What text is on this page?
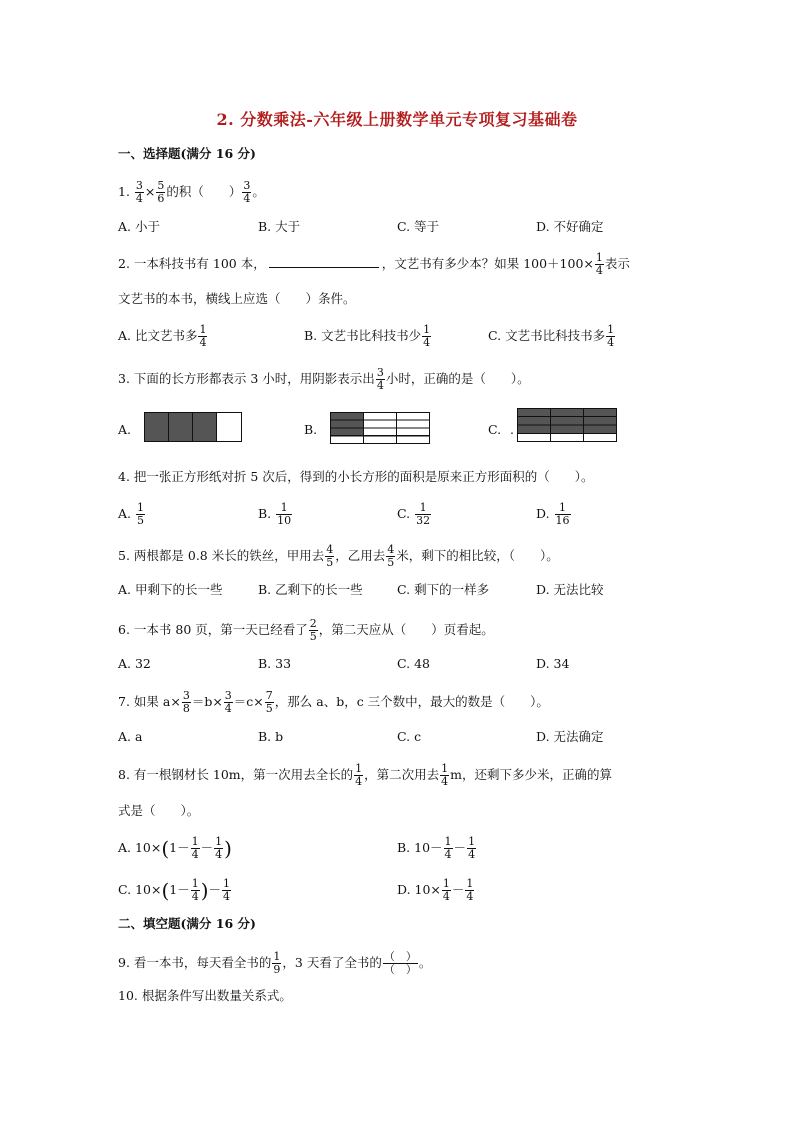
2. 分数乘法-六年级上册数学单元专项复习基础卷
一、选择题(满分 16 分)
1. $\frac{3}{4} \times \frac{5}{6}$ 的积（　　） $\frac{3}{4}$ 。
A. 小于	B. 大于	C. 等于	D. 不好确定
2. 一本科技书有 100 本，	，文艺书有多少本？如果 $100+100\times \frac{1}{4}$ 表示
文艺书的本书，横线上应选（　　）条件。
A. 比文艺书多 $\frac{1}{4}$	B. 文艺书比科技书少 $\frac{1}{4}$	C. 文艺书比科技书多 $\frac{1}{4}$
3. 下面的长方形都表示 3 小时，用阴影表示出 $\frac{3}{4}$ 小时，正确的是（　　）。
A.	B.	C. .
4. 把一张正方形纸对折 5 次后，得到的小长方形的面积是原来正方形面积的（　　）。
A. $\frac{1}{5}$	B. $\frac{1}{10}$	C. $\frac{1}{32}$	D. $\frac{1}{16}$
5. 两根都是 0.8 米长的铁丝，甲用去 $\frac{4}{5}$ ，乙用去 $\frac{4}{5}$ 米，剩下的相比较，（　　）。
A. 甲剩下的长一些	B. 乙剩下的长一些	C. 剩下的一样多	D. 无法比较
6. 一本书 80 页，第一天已经看了 $\frac{2}{5}$ ，第二天应从（　　）页看起。
A. 32	B. 33	C. 48	D. 34
7. 如果 $a\times \frac{3}{8} =b\times \frac{3}{4} =c\times \frac{7}{5}$ ，那么 a、b，c 三个数中，最大的数是（　　）。
A. a	B. b	C. c	D. 无法确定
8. 有一根钢材长 10m，第一次用去全长的 $\frac{1}{4}$ ，第二次用去 $\frac{1}{4}$ m，还剩下多少米，正确的算
式是（　　）。
A. $10\times(1- \frac{1}{4} - \frac{1}{4}$ )	B. $10- \frac{1}{4} - \frac{1}{4}$
C. $10\times(1- \frac{1}{4}$ )－ $\frac{1}{4}$	D. $10\times \frac{1}{4} - \frac{1}{4}$
二、填空题(满分 16 分)
9. 看一本书，每天看全书的 $\frac{1}{9}$ ，3 天看了全书的 $\frac{( )}{( )}$ 。
10. 根据条件写出数量关系式。
